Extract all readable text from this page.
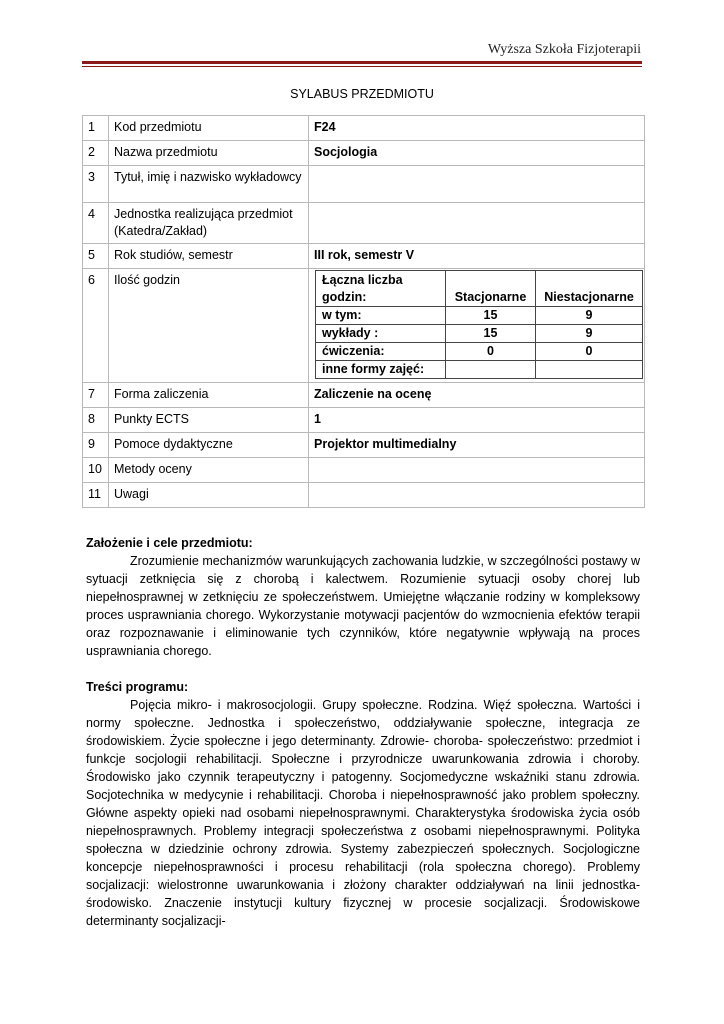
Wyższa Szkoła Fizjoterapii
SYLABUS PRZEDMIOTU
1	Kod przedmiotu	F24
2	Nazwa przedmiotu	Socjologia
3	Tytuł, imię i nazwisko wykładowcy	
4	Jednostka realizująca przedmiot (Katedra/Zakład)	
5	Rok studiów, semestr	III rok, semestr V
6	Ilość godzin		Łączna liczba godzin:	Stacjonarne	Niestacjonarne
w tym:	15	9
wykłady :	15	9
ćwiczenia:	0	0
inne formy zajęć:		

7	Forma zaliczenia	Zaliczenie na ocenę
8	Punkty ECTS	1
9	Pomoce dydaktyczne	Projektor multimedialny
10	Metody oceny	
11	Uwagi	
Założenie i cele przedmiotu:

Zrozumienie mechanizmów warunkujących zachowania ludzkie, w szczególności postawy w sytuacji zetknięcia się z chorobą i kalectwem. Rozumienie sytuacji osoby chorej lub niepełnosprawnej w zetknięciu ze społeczeństwem. Umiejętne włączanie rodziny w kompleksowy proces usprawniania chorego. Wykorzystanie motywacji pacjentów do wzmocnienia efektów terapii oraz rozpoznawanie i eliminowanie tych czynników, które negatywnie wpływają na proces usprawniania chorego.

Treści programu:

Pojęcia mikro- i makrosocjologii. Grupy społeczne. Rodzina. Więź społeczna. Wartości i normy społeczne. Jednostka i społeczeństwo, oddziaływanie społeczne, integracja ze środowiskiem. Życie społeczne i jego determinanty. Zdrowie- choroba- społeczeństwo: przedmiot i funkcje socjologii rehabilitacji. Społeczne i przyrodnicze uwarunkowania zdrowia i choroby. Środowisko jako czynnik terapeutyczny i patogenny. Socjomedyczne wskaźniki stanu zdrowia. Socjotechnika w medycynie i rehabilitacji. Choroba i niepełnosprawność jako problem społeczny. Główne aspekty opieki nad osobami niepełnosprawnymi. Charakterystyka środowiska życia osób niepełnosprawnych. Problemy integracji społeczeństwa z osobami niepełnosprawnymi. Polityka społeczna w dziedzinie ochrony zdrowia. Systemy zabezpieczeń społecznych. Socjologiczne koncepcje niepełnosprawności i procesu rehabilitacji (rola społeczna chorego). Problemy socjalizacji: wielostronne uwarunkowania i złożony charakter oddziaływań na linii jednostka- środowisko. Znaczenie instytucji kultury fizycznej w procesie socjalizacji. Środowiskowe determinanty socjalizacji-
